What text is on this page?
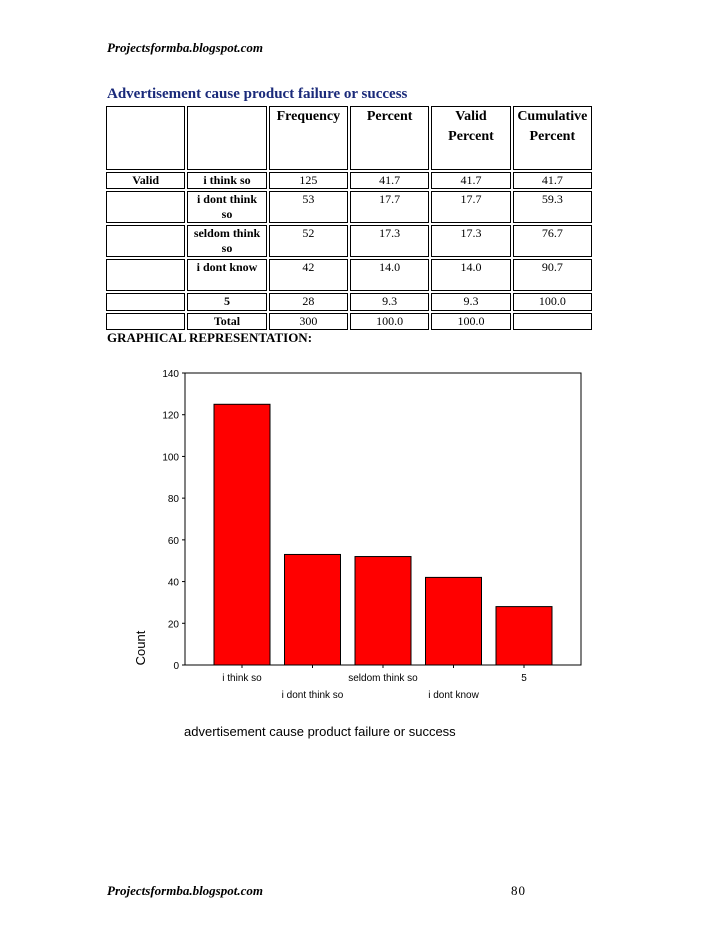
Projectsformba.blogspot.com
Advertisement cause product failure or success
		Frequency	Percent	Valid Percent	Cumulative Percent
Valid	i think so	125	41.7	41.7	41.7
	i dont think so	53	17.7	17.7	59.3
	seldom think so	52	17.3	17.3	76.7
	i dont know	42	14.0	14.0	90.7
	5	28	9.3	9.3	100.0
	Total	300	100.0	100.0	
GRAPHICAL REPRESENTATION:
0
20
40
60
80
100
120
140
i think so
i dont think so
seldom think so
i dont know
5
Count
advertisement cause product failure or success
Projectsformba.blogspot.com	80
